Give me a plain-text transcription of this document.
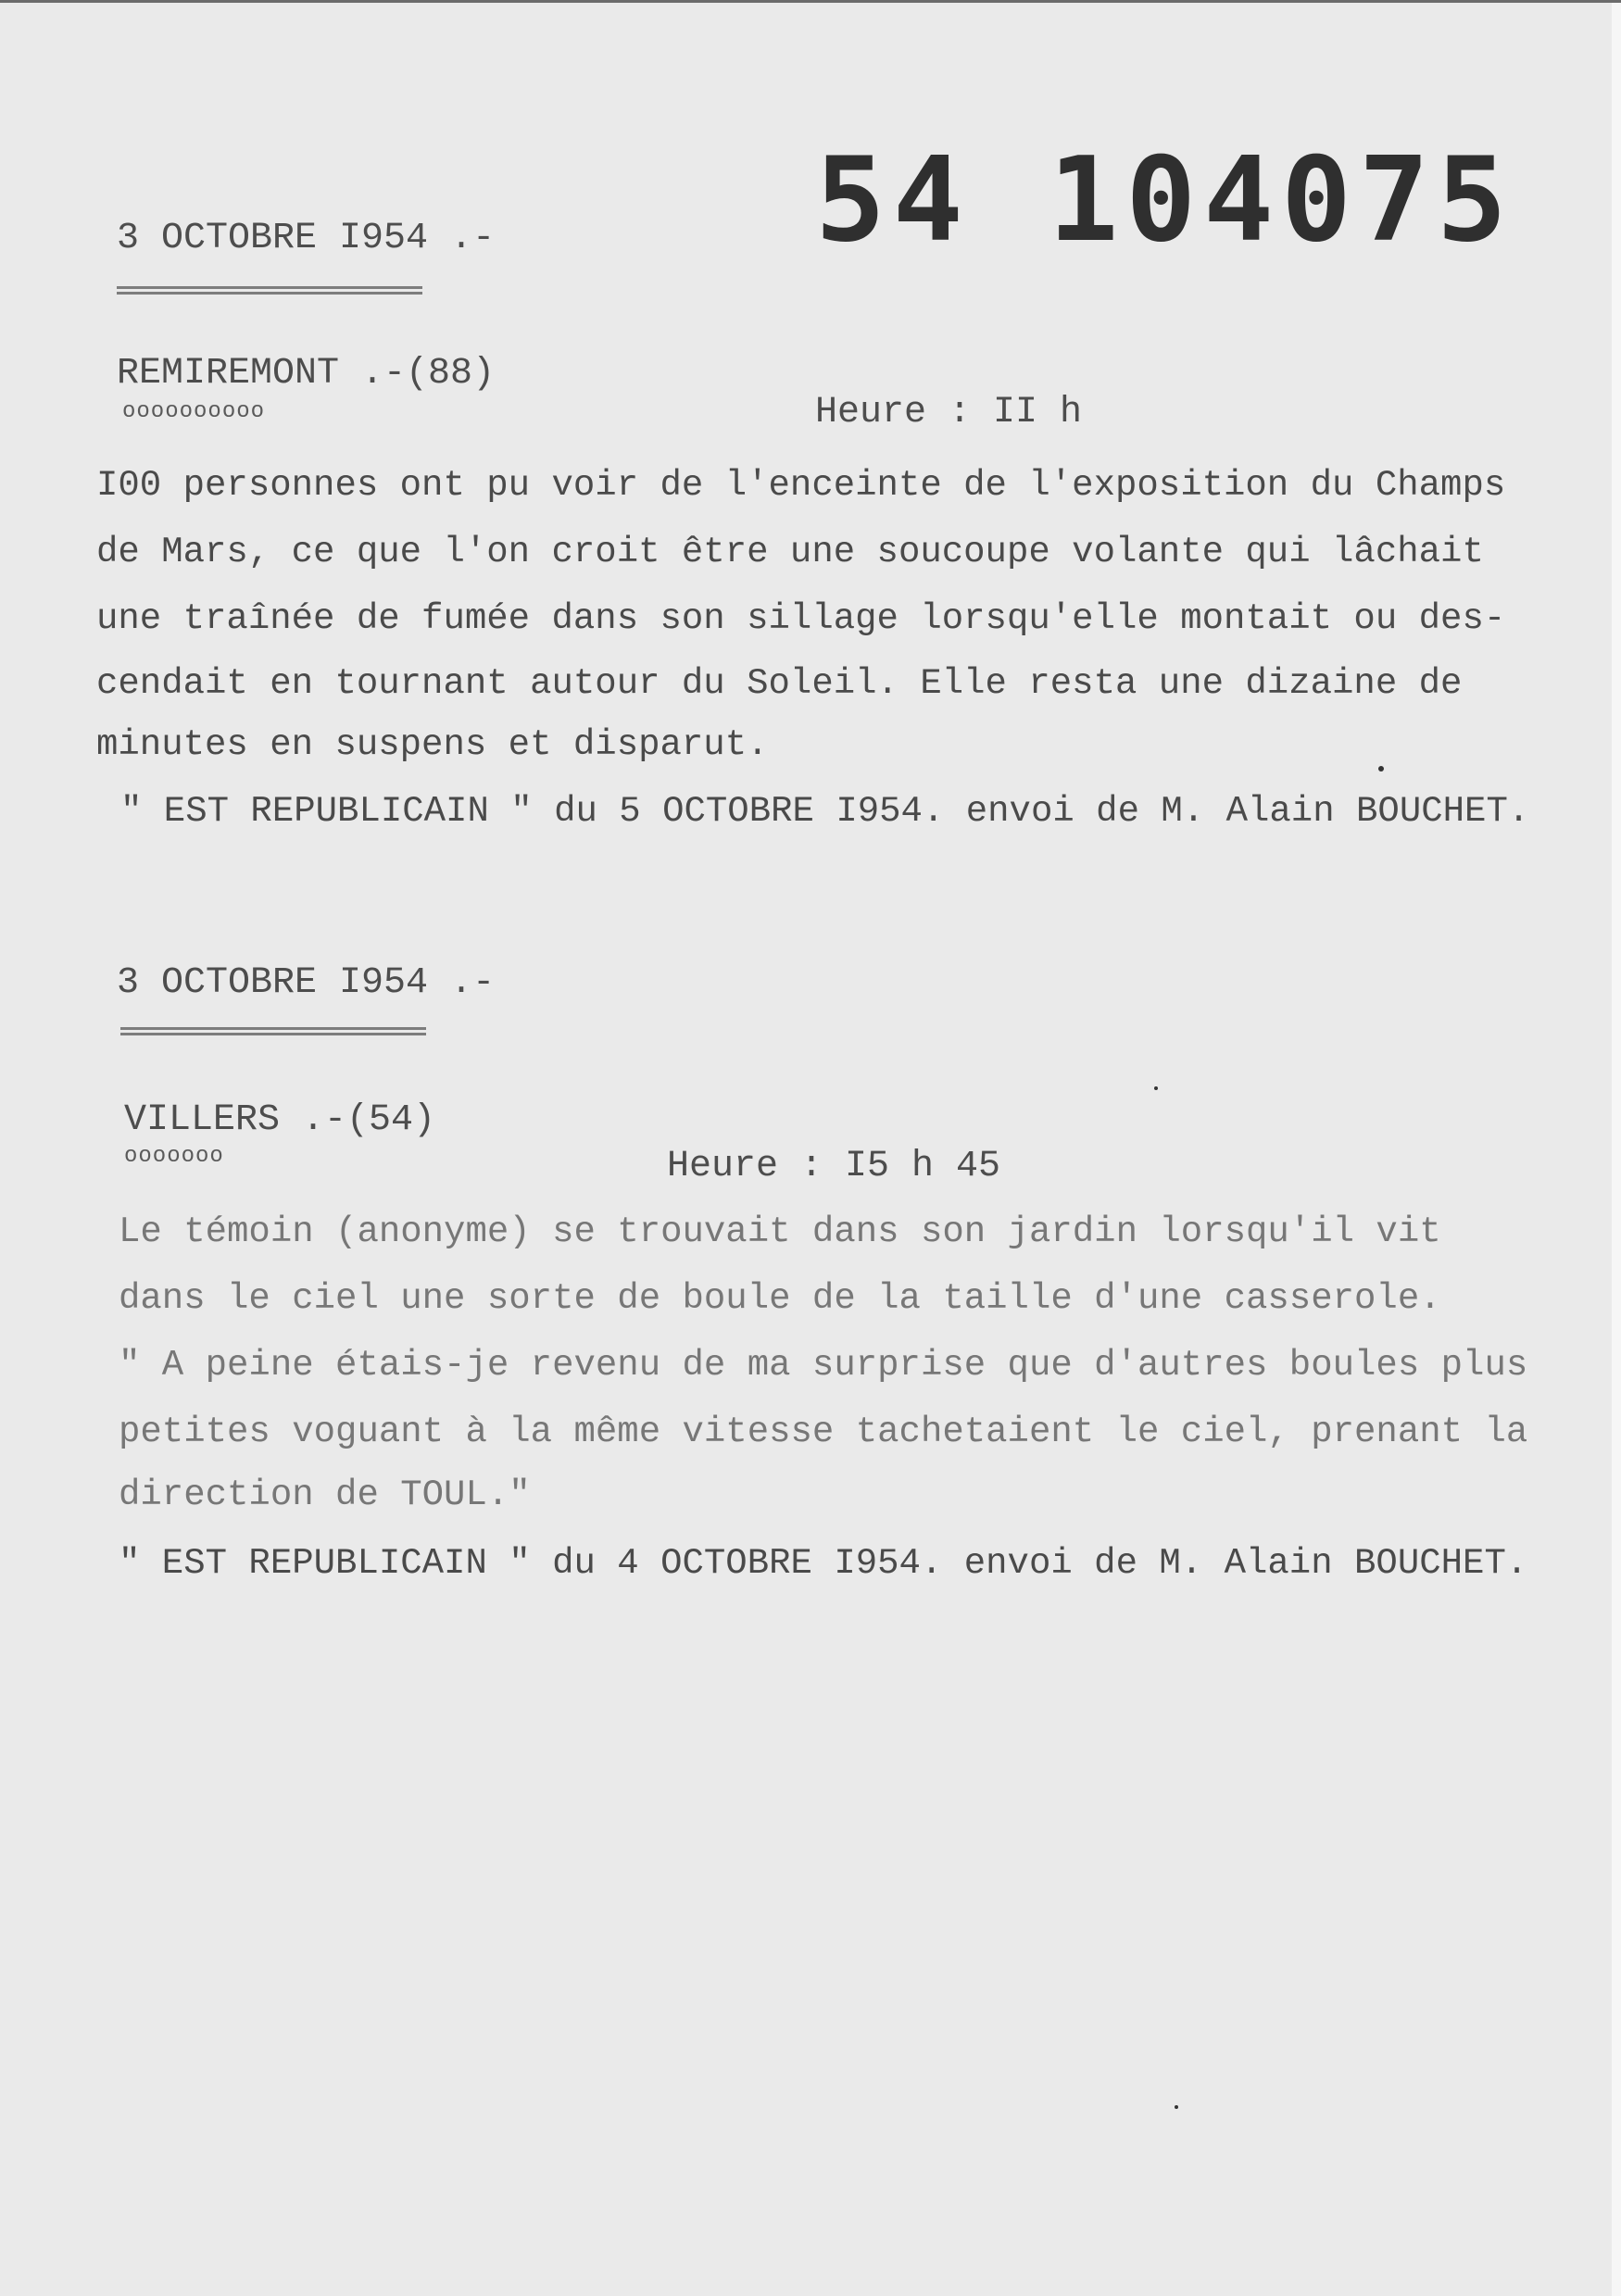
54 104075
3 OCTOBRE I954 .-
REMIREMONT .-(88)
oooooooooo	Heure : II h
I00 personnes ont pu voir de l'enceinte de l'exposition du Champs
de Mars, ce que l'on croit être une soucoupe volante qui lâchait
une traînée de fumée dans son sillage lorsqu'elle montait ou des-
cendait en tournant autour du Soleil. Elle resta une dizaine de
minutes en suspens et disparut.
" EST REPUBLICAIN " du 5 OCTOBRE I954. envoi de M. Alain BOUCHET.
3 OCTOBRE I954 .-
VILLERS .-(54)
ooooooo	Heure : I5 h 45
Le témoin (anonyme) se trouvait dans son jardin lorsqu'il vit
dans le ciel une sorte de boule de la taille d'une casserole.
" A peine étais-je revenu de ma surprise que d'autres boules plus
petites voguant à la même vitesse tachetaient le ciel, prenant la
direction de TOUL."
" EST REPUBLICAIN " du 4 OCTOBRE I954. envoi de M. Alain BOUCHET.
